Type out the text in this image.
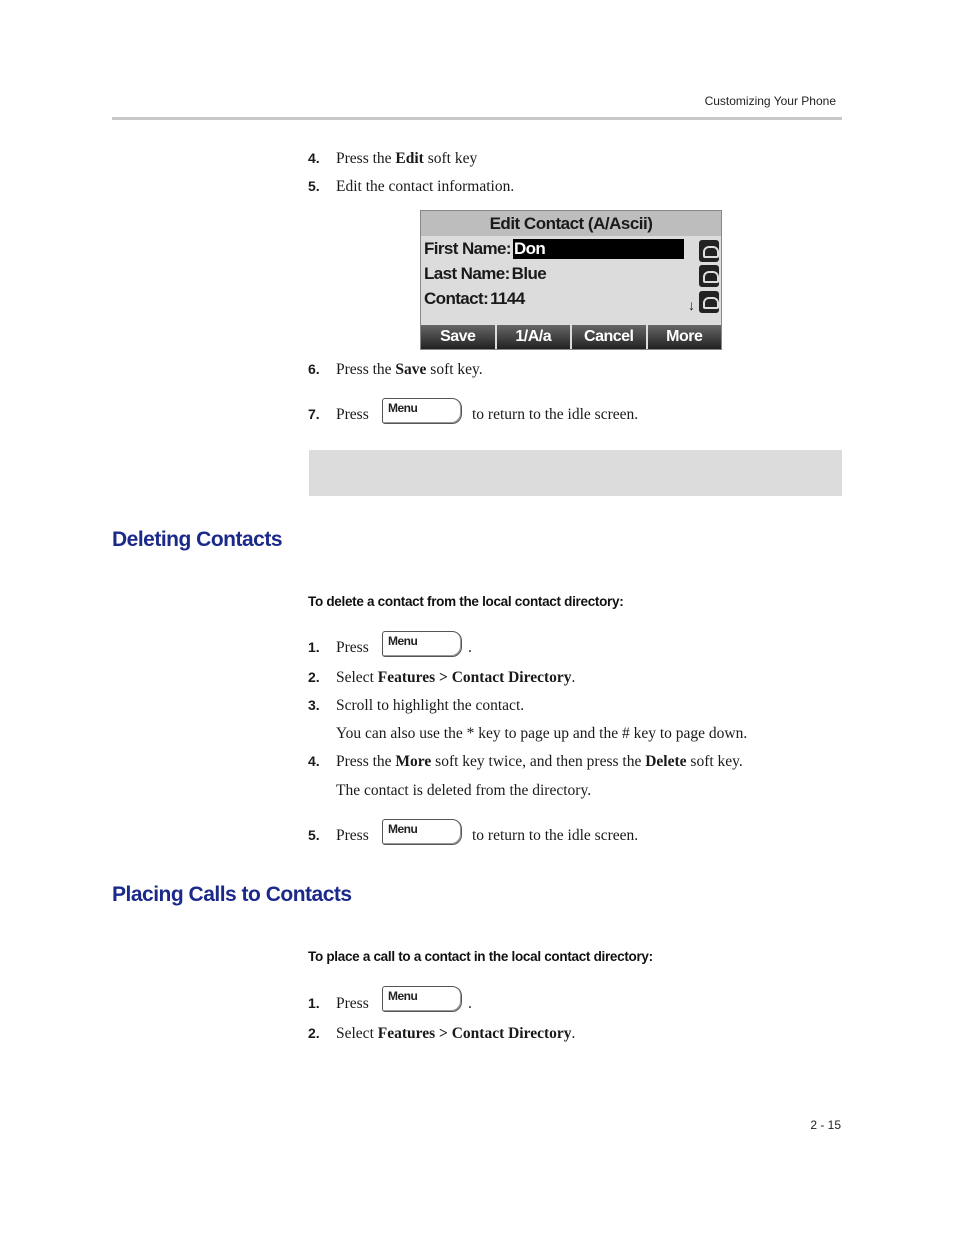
Customizing Your Phone
4. Press the Edit soft key
5. Edit the contact information.
Edit Contact (A/Ascii)
First Name: Don
Last Name: Blue
Contact: 1144	↓
Save	1/A/a	Cancel	More
6. Press the Save soft key.
7. Press Menu	to return to the idle screen.
Deleting Contacts
To delete a contact from the local contact directory:
1. Press Menu	.
2. Select Features > Contact Directory.
3. Scroll to highlight the contact.
You can also use the * key to page up and the # key to page down.
4. Press the More soft key twice, and then press the Delete soft key.
The contact is deleted from the directory.
5. Press Menu	to return to the idle screen.
Placing Calls to Contacts
To place a call to a contact in the local contact directory:
1. Press Menu	.
2. Select Features > Contact Directory.
2 - 15
